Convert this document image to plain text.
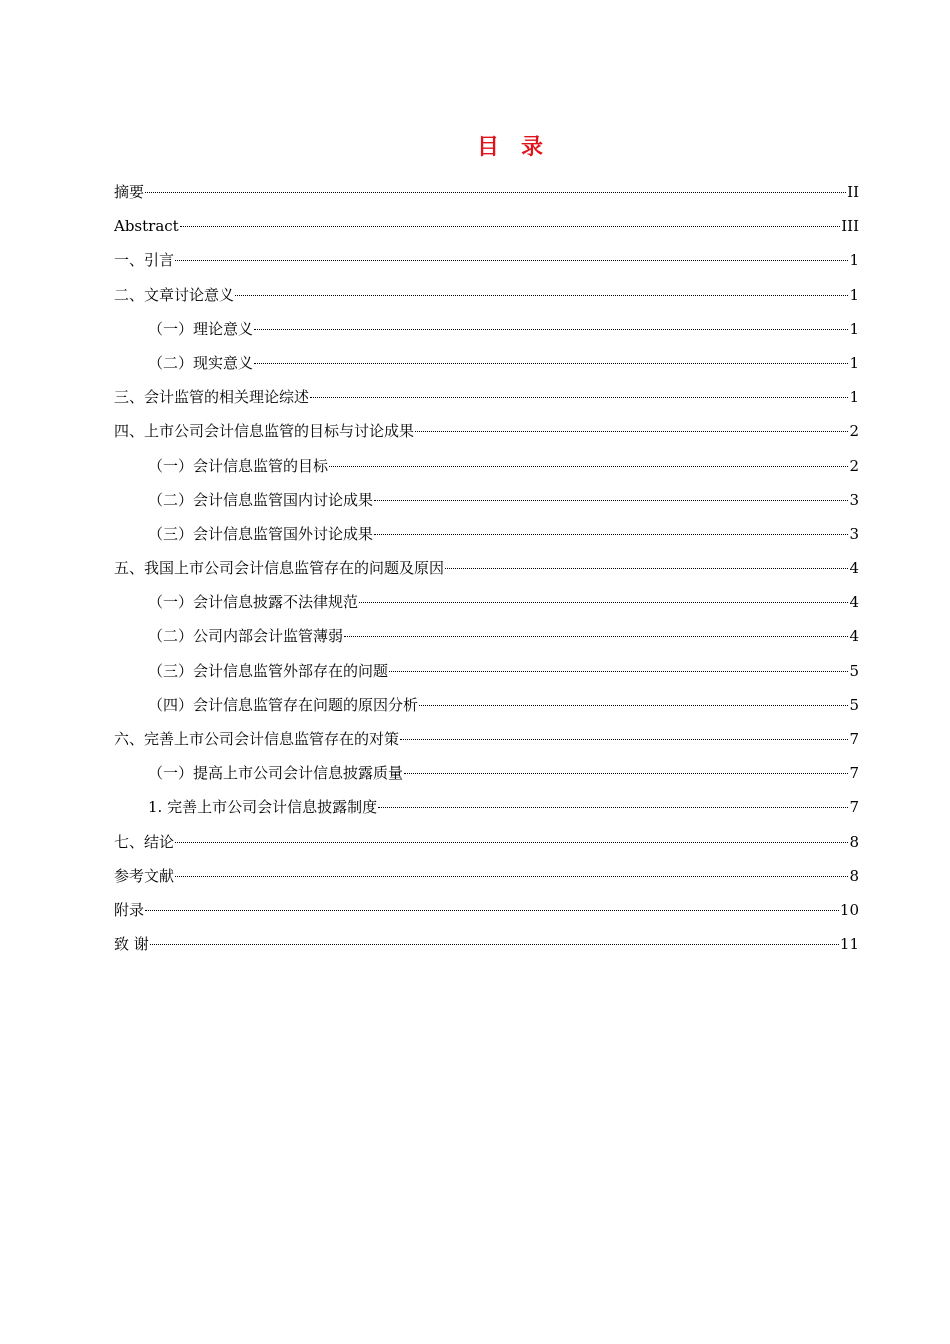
目 录
摘要	II
Abstract	III
一、引言	1
二、文章讨论意义	1
（一）理论意义	1
（二）现实意义	1
三、会计监管的相关理论综述	1
四、上市公司会计信息监管的目标与讨论成果	2
（一）会计信息监管的目标	2
（二）会计信息监管国内讨论成果	3
（三）会计信息监管国外讨论成果	3
五、我国上市公司会计信息监管存在的问题及原因	4
（一）会计信息披露不法律规范	4
（二）公司内部会计监管薄弱	4
（三）会计信息监管外部存在的问题	5
（四）会计信息监管存在问题的原因分析	5
六、完善上市公司会计信息监管存在的对策	7
（一）提高上市公司会计信息披露质量	7
1. 完善上市公司会计信息披露制度	7
七、结论	8
参考文献	8
附录	10
致 谢	11
